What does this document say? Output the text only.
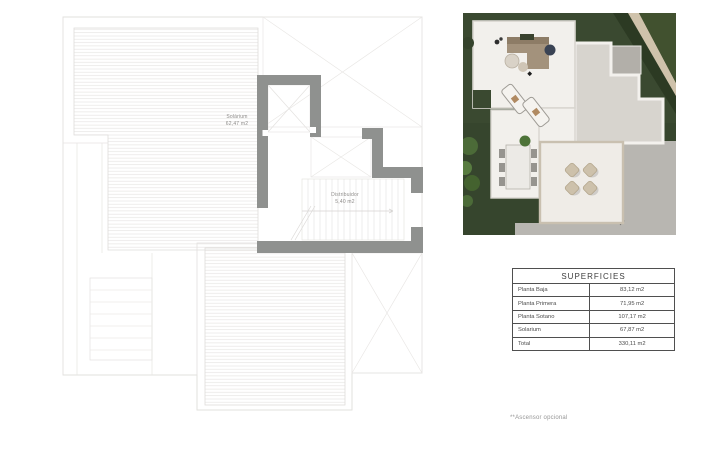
Solárium
62,47 m2
Distribuidor
5,40 m2
SUPERFICIES
Planta Baja	83,12 m2
Planta Primera	71,95 m2
Planta Sotano	107,17 m2
Solarium	67,87 m2
Total	330,11 m2
**Ascensor opcional
